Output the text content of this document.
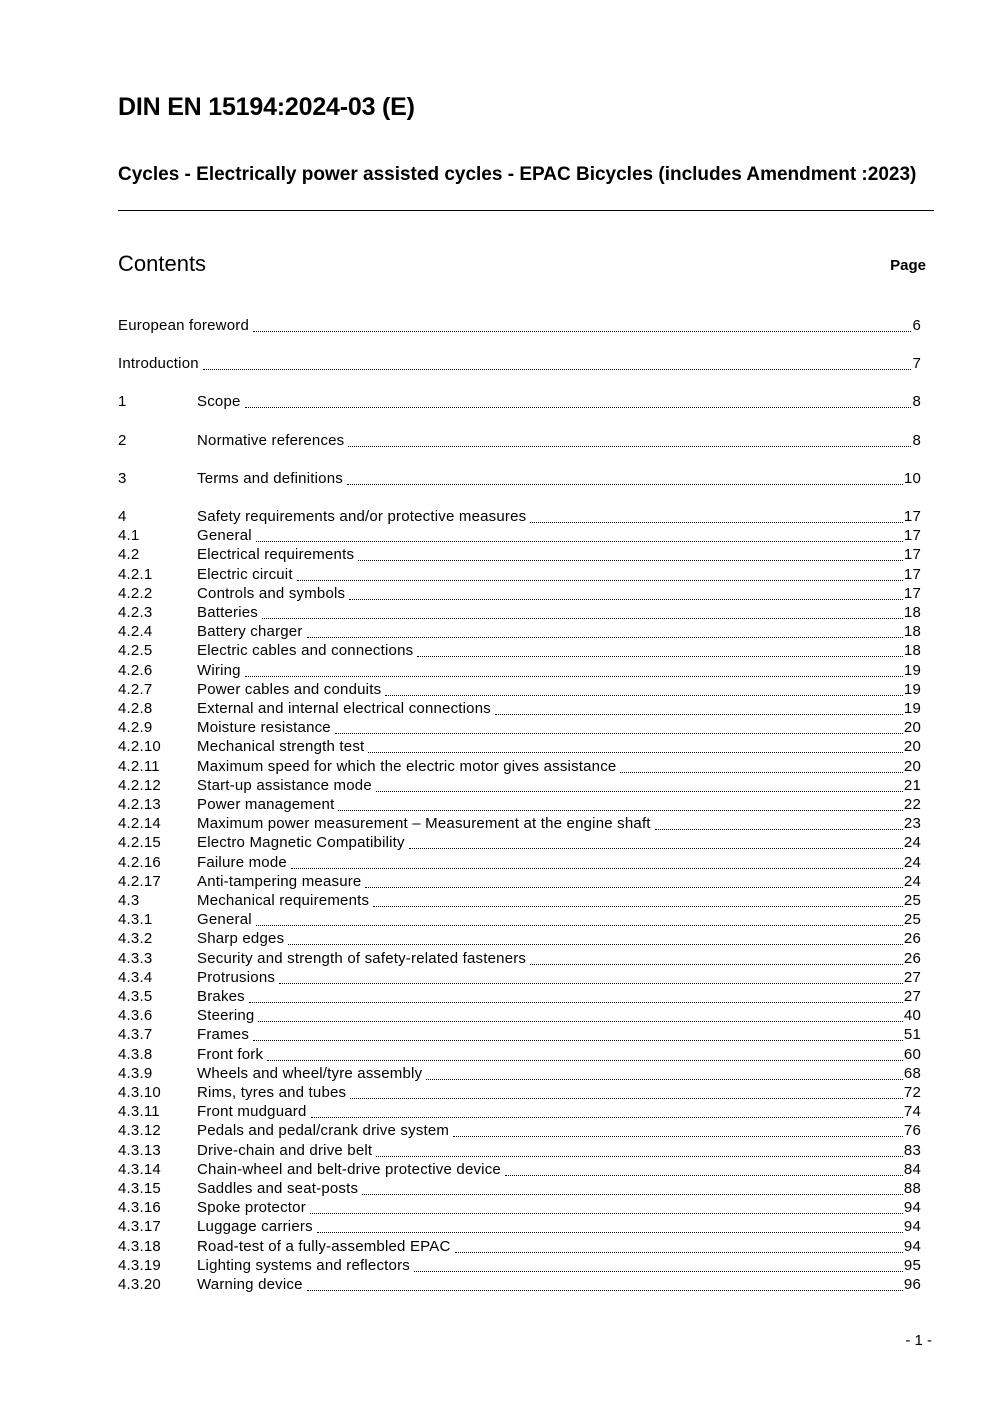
DIN EN 15194:2024-03 (E)
Cycles - Electrically power assisted cycles - EPAC Bicycles (includes Amendment :2023)
Contents	Page
European foreword	6
Introduction	7
1	Scope	8
2	Normative references	8
3	Terms and definitions	10
4	Safety requirements and/or protective measures	17
4.1	General	17
4.2	Electrical requirements	17
4.2.1	Electric circuit	17
4.2.2	Controls and symbols	17
4.2.3	Batteries	18
4.2.4	Battery charger	18
4.2.5	Electric cables and connections	18
4.2.6	Wiring	19
4.2.7	Power cables and conduits	19
4.2.8	External and internal electrical connections	19
4.2.9	Moisture resistance	20
4.2.10	Mechanical strength test	20
4.2.11	Maximum speed for which the electric motor gives assistance	20
4.2.12	Start-up assistance mode	21
4.2.13	Power management	22
4.2.14	Maximum power measurement – Measurement at the engine shaft	23
4.2.15	Electro Magnetic Compatibility	24
4.2.16	Failure mode	24
4.2.17	Anti-tampering measure	24
4.3	Mechanical requirements	25
4.3.1	General	25
4.3.2	Sharp edges	26
4.3.3	Security and strength of safety-related fasteners	26
4.3.4	Protrusions	27
4.3.5	Brakes	27
4.3.6	Steering	40
4.3.7	Frames	51
4.3.8	Front fork	60
4.3.9	Wheels and wheel/tyre assembly	68
4.3.10	Rims, tyres and tubes	72
4.3.11	Front mudguard	74
4.3.12	Pedals and pedal/crank drive system	76
4.3.13	Drive-chain and drive belt	83
4.3.14	Chain-wheel and belt-drive protective device	84
4.3.15	Saddles and seat-posts	88
4.3.16	Spoke protector	94
4.3.17	Luggage carriers	94
4.3.18	Road-test of a fully-assembled EPAC	94
4.3.19	Lighting systems and reflectors	95
4.3.20	Warning device	96
- 1 -
